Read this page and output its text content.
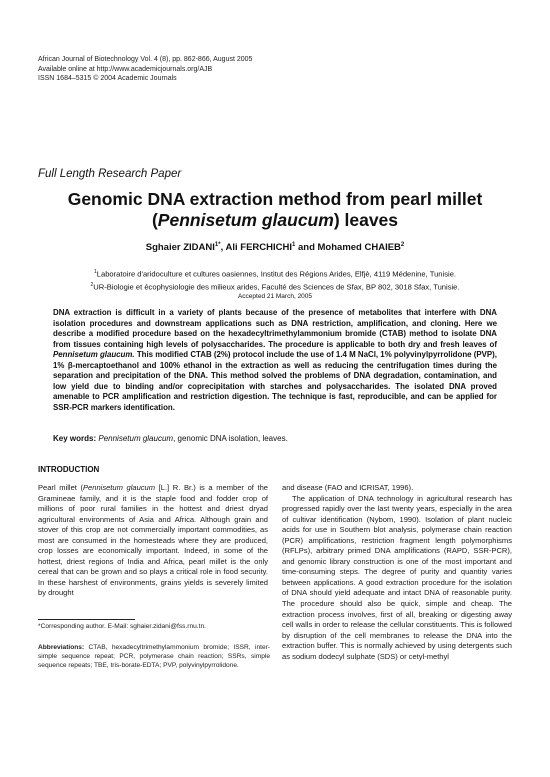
African Journal of Biotechnology Vol. 4 (8), pp. 862-866, August 2005
Available online at http://www.academicjournals.org/AJB
ISSN 1684–5315 © 2004 Academic Journals
Full Length Research Paper
Genomic DNA extraction method from pearl millet
(Pennisetum glaucum) leaves
Sghaier $ZIDANI^{1*}$, Ali FERCHICHI$^1$ and Mohamed CHAIEB$^2$
$^1$Laboratoire d'aridoculture et cultures oasiennes, Institut des Régions Arides, Elfjè, 4119 Médenine, Tunisie.
$^2$UR-Biologie et écophysiologie des milieux arides, Faculté des Sciences de Sfax, BP 802, 3018 Sfax, Tunisie.
Accepted 21 March, 2005
DNA extraction is difficult in a variety of plants because of the presence of metabolites that interfere with DNA isolation procedures and downstream applications such as DNA restriction, amplification, and cloning. Here we describe a modified procedure based on the hexadecyltrimethylammonium bromide (CTAB) method to isolate DNA from tissues containing high levels of polysaccharides. The procedure is applicable to both dry and fresh leaves of Pennisetum glaucum. This modified CTAB (2%) protocol include the use of 1.4 M NaCl, 1% polyvinylpyrrolidone (PVP), 1% β-mercaptoethanol and 100% ethanol in the extraction as well as reducing the centrifugation times during the separation and precipitation of the DNA. This method solved the problems of DNA degradation, contamination, and low yield due to binding and/or coprecipitation with starches and polysaccharides. The isolated DNA proved amenable to PCR amplification and restriction digestion. The technique is fast, reproducible, and can be applied for SSR-PCR markers identification.
Key words: Pennisetum glaucum, genomic DNA isolation, leaves.
INTRODUCTION

Pearl millet (Pennisetum glaucum [L.] R. Br.) is a member of the Gramineae family, and it is the staple food and fodder crop of millions of poor rural families in the hottest and driest dryad agricultural environments of Asia and Africa. Although grain and stover of this crop are not commercially important commodities, as most are consumed in the homesteads where they are produced, crop losses are economically important. Indeed, in some of the hottest, driest regions of India and Africa, pearl millet is the only cereal that can be grown and so plays a critical role in food security. In these harshest of environments, grains yields is severely limited by drought

and disease (FAO and ICRISAT, 1996).

The application of DNA technology in agricultural research has progressed rapidly over the last twenty years, especially in the area of cultivar identification (Nybom, 1990). Isolation of plant nucleic acids for use in Southern blot analysis, polymerase chain reaction (PCR) amplifications, restriction fragment length polymorphisms (RFLPs), arbitrary primed DNA amplifications (RAPD, SSR-PCR), and genomic library construction is one of the most important and time-consuming steps. The degree of purity and quantity varies between applications. A good extraction procedure for the isolation of DNA should yield adequate and intact DNA of reasonable purity. The procedure should also be quick, simple and cheap. The extraction process involves, first of all, breaking or digesting away cell walls in order to release the cellular constituents. This is followed by disruption of the cell membranes to release the DNA into the extraction buffer. This is normally achieved by using detergents such as sodium dodecyl sulphate (SDS) or cetyl-methyl

*Corresponding author. E-Mail: sghaier.zidani@fss.rnu.tn.
Abbreviations: CTAB, hexadecyltrimethylammonium bromide; ISSR, inter-simple sequence repeat; PCR, polymerase chain reaction; SSRs, simple sequence repeats; TBE, tris-borate-EDTA; PVP, polyvinylpyrrolidone.
